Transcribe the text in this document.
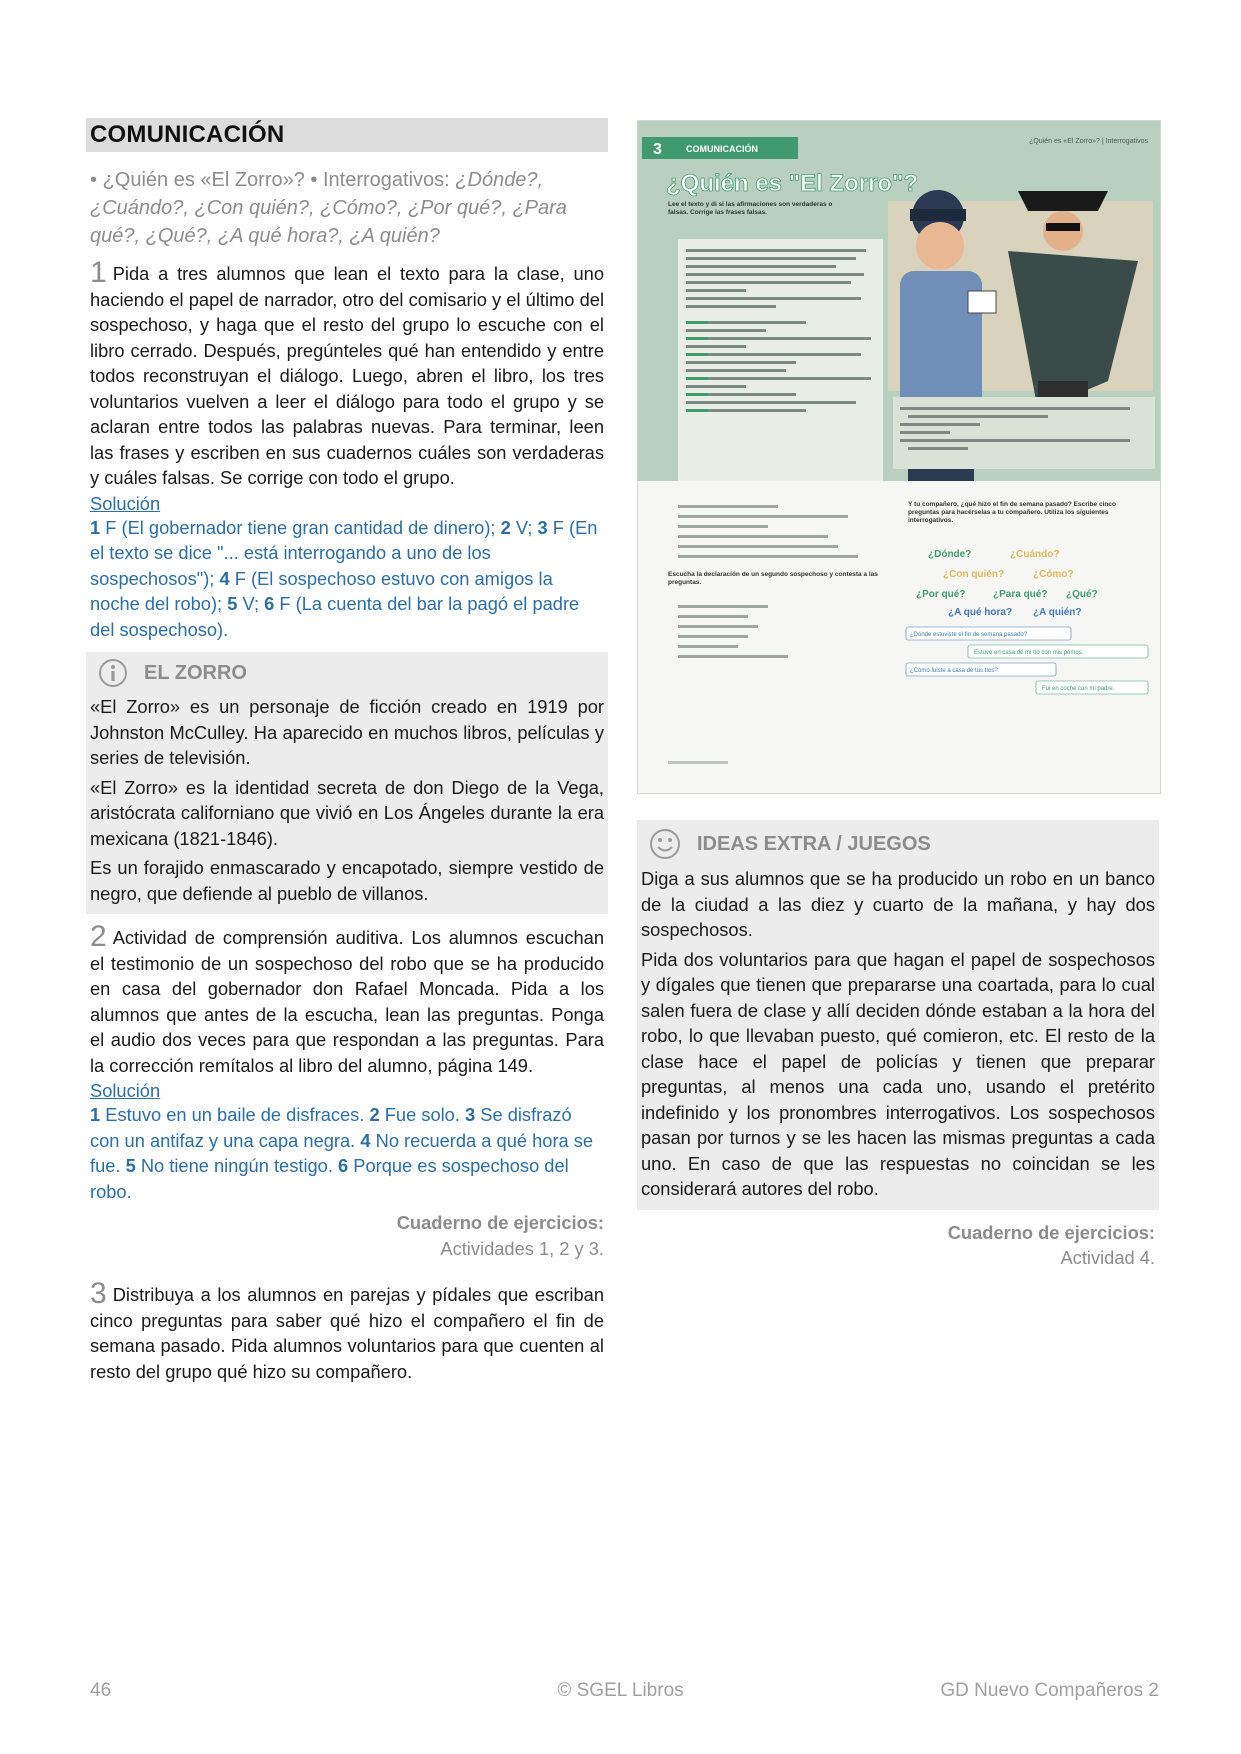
COMUNICACIÓN
• ¿Quién es «El Zorro»? • Interrogativos: ¿Dónde?, ¿Cuándo?, ¿Con quién?, ¿Cómo?, ¿Por qué?, ¿Para qué?, ¿Qué?, ¿A qué hora?, ¿A quién?

1 Pida a tres alumnos que lean el texto para la clase, uno haciendo el papel de narrador, otro del comisario y el último del sospechoso, y haga que el resto del grupo lo escuche con el libro cerrado. Después, pregúnteles qué han entendido y entre todos reconstruyan el diálogo. Luego, abren el libro, los tres voluntarios vuelven a leer el diálogo para todo el grupo y se aclaran entre todos las palabras nuevas. Para terminar, leen las frases y escriben en sus cuadernos cuáles son verdaderas y cuáles falsas. Se corrige con todo el grupo.

Solución
1 F (El gobernador tiene gran cantidad de dinero); 2 V; 3 F (En el texto se dice "... está interrogando a uno de los sospechosos"); 4 F (El sospechoso estuvo con amigos la noche del robo); 5 V; 6 F (La cuenta del bar la pagó el padre del sospechoso).
EL ZORRO

«El Zorro» es un personaje de ficción creado en 1919 por Johnston McCulley. Ha aparecido en muchos libros, películas y series de televisión.

«El Zorro» es la identidad secreta de don Diego de la Vega, aristócrata californiano que vivió en Los Ángeles durante la era mexicana (1821-1846).

Es un forajido enmascarado y encapotado, siempre vestido de negro, que defiende al pueblo de villanos.

2 Actividad de comprensión auditiva. Los alumnos escuchan el testimonio de un sospechoso del robo que se ha producido en casa del gobernador don Rafael Moncada. Pida a los alumnos que antes de la escucha, lean las preguntas. Ponga el audio dos veces para que respondan a las preguntas. Para la corrección remítalos al libro del alumno, página 149.

Solución
1 Estuvo en un baile de disfraces. 2 Fue solo. 3 Se disfrazó con un antifaz y una capa negra. 4 No recuerda a qué hora se fue. 5 No tiene ningún testigo. 6 Porque es sospechoso del robo.
Cuaderno de ejercicios:
Actividades 1, 2 y 3.

3 Distribuya a los alumnos en parejas y pídales que escriban cinco preguntas para saber qué hizo el compañero el fin de semana pasado. Pida alumnos voluntarios para que cuenten al resto del grupo qué hizo su compañero.

3	COMUNICACIÓN
¿Quién es «El Zorro»? | Interrogativos
¿Quién es "El Zorro"?
Lee el texto y di si las afirmaciones son verdaderas o falsas. Corrige las frases falsas.
Escucha la declaración de un segundo sospechoso y contesta a las preguntas.
Y tu compañero, ¿qué hizo el fin de semana pasado? Escribe cinco preguntas para hacérselas a tu compañero. Utiliza los siguientes interrogativos.
¿Dónde?	¿Cuándo?
¿Con quién?	¿Cómo?
¿Por qué?	¿Para qué? ¿Qué?
¿A qué hora? ¿A quién?
¿Dónde estuviste el fin de semana pasado?
Estuve en casa de mi tío con mis primos.
¿Cómo fuiste a casa de tus tíos?
Fui en coche con mi padre.
IDEAS EXTRA / JUEGOS

Diga a sus alumnos que se ha producido un robo en un banco de la ciudad a las diez y cuarto de la mañana, y hay dos sospechosos.

Pida dos voluntarios para que hagan el papel de sospechosos y dígales que tienen que prepararse una coartada, para lo cual salen fuera de clase y allí deciden dónde estaban a la hora del robo, lo que llevaban puesto, qué comieron, etc. El resto de la clase hace el papel de policías y tienen que preparar preguntas, al menos una cada uno, usando el pretérito indefinido y los pronombres interrogativos. Los sospechosos pasan por turnos y se les hacen las mismas preguntas a cada uno. En caso de que las respuestas no coincidan se les considerará autores del robo.

Cuaderno de ejercicios:
Actividad 4.
46	© SGEL Libros	GD Nuevo Compañeros 2
